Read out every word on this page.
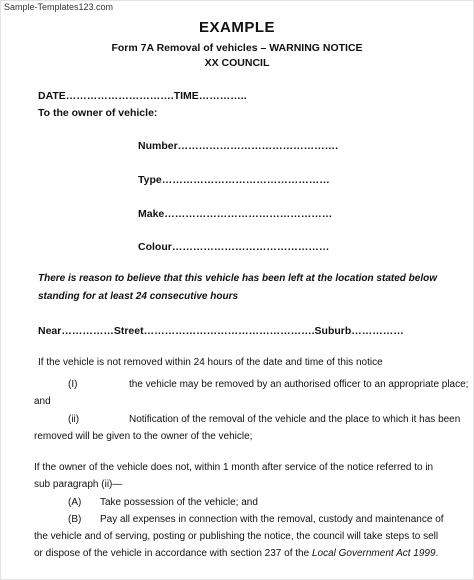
Sample-Templates123.com
EXAMPLE
Form 7A Removal of vehicles – WARNING NOTICE
XX COUNCIL
DATE………………………….TIME…………..
To the owner of vehicle:
Number……………………………………….
Type…………………………………………
Make…………………………………………
Colour………………………………………
There is reason to believe that this vehicle has been left at the location stated below
standing for at least 24 consecutive hours
Near……………Street………………………………………….Suburb……………
If the vehicle is not removed within 24 hours of the date and time of this notice
(I)	the vehicle may be removed by an authorised officer to an appropriate place;
and
(ii)	Notification of the removal of the vehicle and the place to which it has been
removed will be given to the owner of the vehicle;
If the owner of the vehicle does not, within 1 month after service of the notice referred to in
sub paragraph (ii)—
(A) Take possession of the vehicle; and
(B) Pay all expenses in connection with the removal, custody and maintenance of
the vehicle and of serving, posting or publishing the notice, the council will take steps to sell
or dispose of the vehicle in accordance with section 237 of the Local Government Act 1999.
